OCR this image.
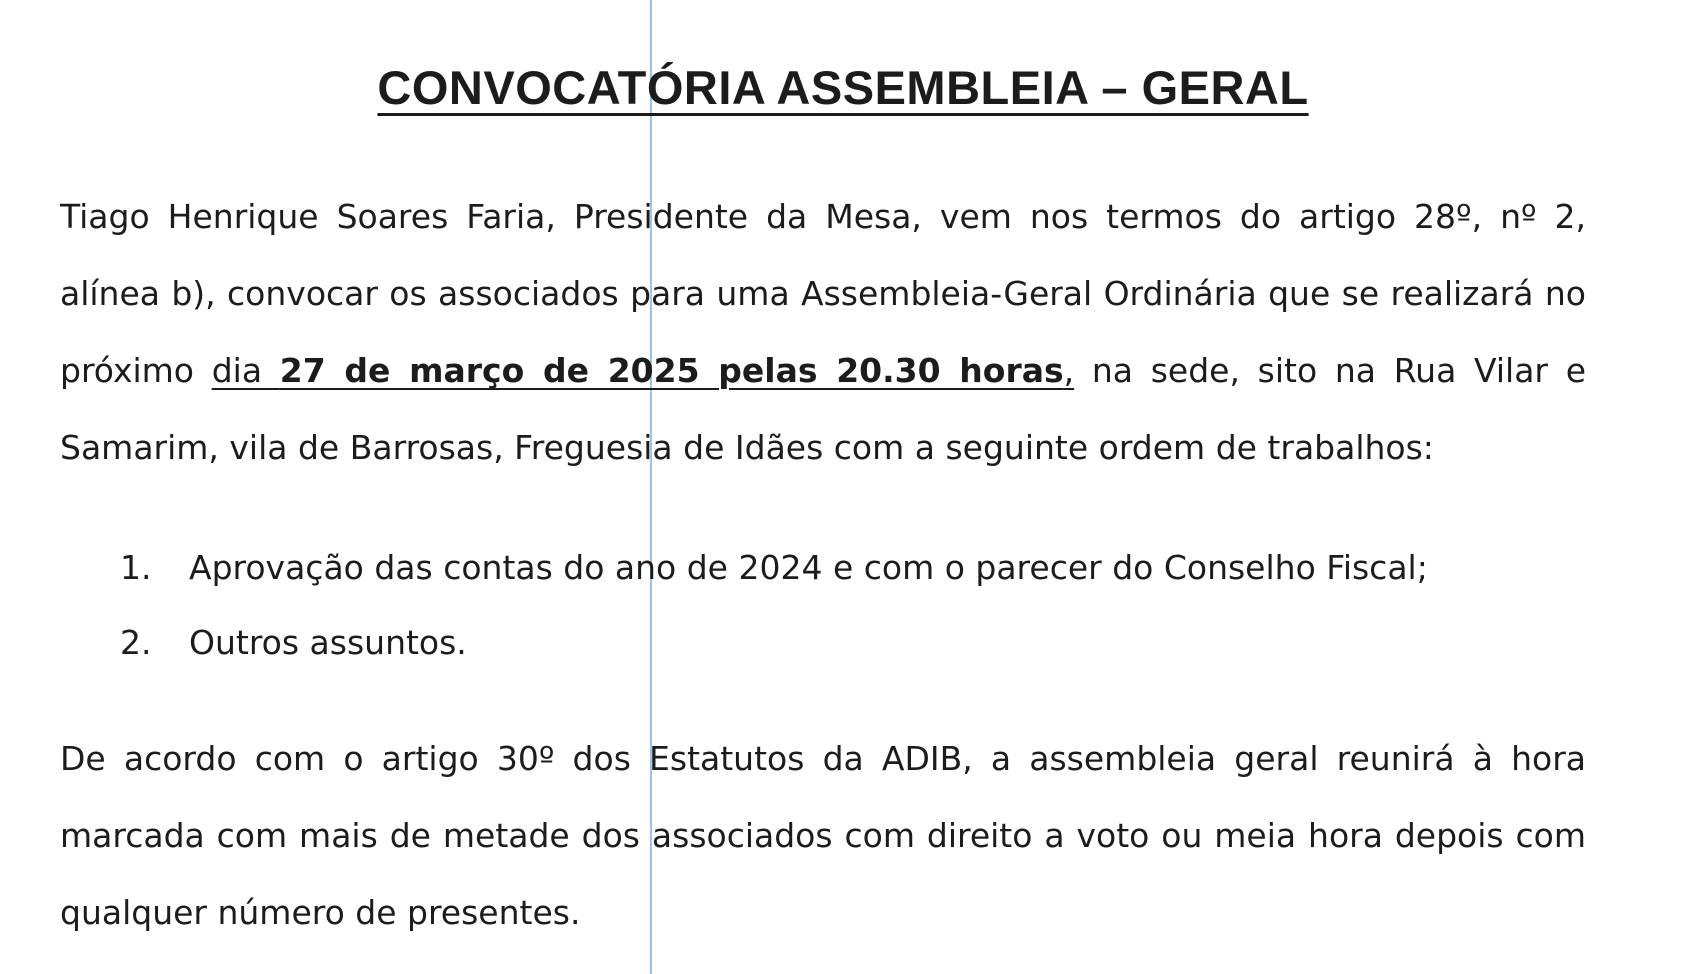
CONVOCATÓRIA ASSEMBLEIA – GERAL

Tiago Henrique Soares Faria, Presidente da Mesa, vem nos termos do artigo 28º, nº 2, alínea b), convocar os associados para uma Assembleia-Geral Ordinária que se realizará no próximo dia 27 de março de 2025 pelas 20.30 horas, na sede, sito na Rua Vilar e Samarim, vila de Barrosas, Freguesia de Idães com a seguinte ordem de trabalhos:

1.	Aprovação das contas do ano de 2024 e com o parecer do Conselho Fiscal;
2.	Outros assuntos.

De acordo com o artigo 30º dos Estatutos da ADIB, a assembleia geral reunirá à hora marcada com mais de metade dos associados com direito a voto ou meia hora depois com qualquer número de presentes.
